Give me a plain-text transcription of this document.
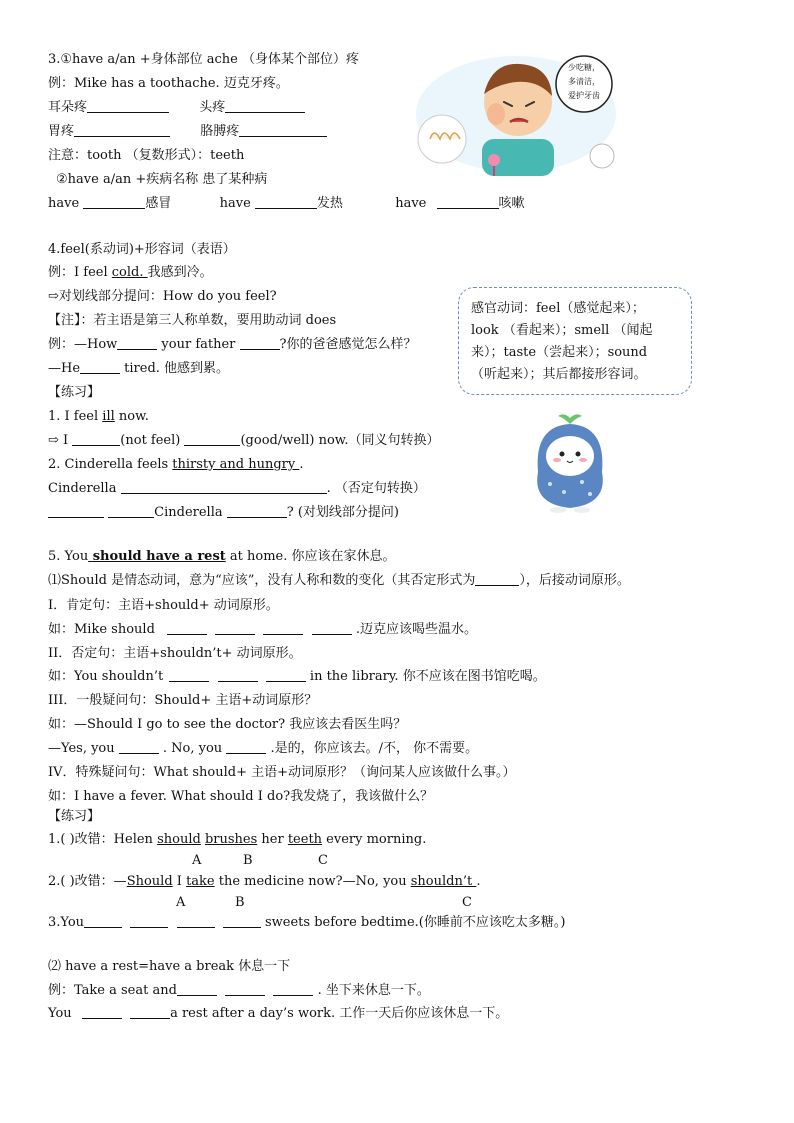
3.①have a/an +身体部位 ache （身体某个部位）疼
例：Mike has a toothache. 迈克牙疼。
耳朵疼	头疼
胃疼	胳膊疼
注意：tooth （复数形式）：teeth
②have a/an +疾病名称 患了某种病
have	感冒	have	发热	have	咳嗽
少吃糖，
多清洁，
爱护牙齿
4.feel(系动词)+形容词（表语）
例：I feel cold. 我感到冷。
⇨对划线部分提问：How do you feel?
【注】：若主语是第三人称单数，要用助动词 does
例：—How	your father	?你的爸爸感觉怎么样？
—He	tired. 他感到累。
【练习】
1. I feel ill now.
⇨ I	(not feel)	(good/well) now.（同义句转换）
2. Cinderella feels thirsty and hungry .
Cinderella	. （否定句转换）
Cinderella	? (对划线部分提问)
感官动词：feel（感觉起来）；
look （看起来）；smell （闻起
来）；taste（尝起来）；sound
（听起来）；其后都接形容词。
5. You should have a rest at home. 你应该在家休息。
⑴Should 是情态动词，意为“应该”，没有人称和数的变化（其否定形式为	），后接动词原形。
I．肯定句：主语+should+ 动词原形。
如：Mike should	.迈克应该喝些温水。
II．否定句：主语+shouldn’t+ 动词原形。
如：You shouldn’t	in the library. 你不应该在图书馆吃喝。
III．一般疑问句：Should+ 主语+动词原形？
如：—Should I go to see the doctor? 我应该去看医生吗？
—Yes, you	. No, you	.是的，你应该去。/不， 你不需要。
IV．特殊疑问句：What should+ 主语+动词原形？（询问某人应该做什么事。）
如：I have a fever. What should I do?我发烧了，我该做什么？
【练习】
1.( )改错：Helen should brushes her teeth every morning.
A	B	C
2.( )改错：—Should I take the medicine now?—No, you shouldn’t .
A	B	C
3.You	sweets before bedtime.(你睡前不应该吃太多糖。)
⑵ have a rest=have a break 休息一下
例：Take a seat and	. 坐下来休息一下。
You	a rest after a day’s work. 工作一天后你应该休息一下。
